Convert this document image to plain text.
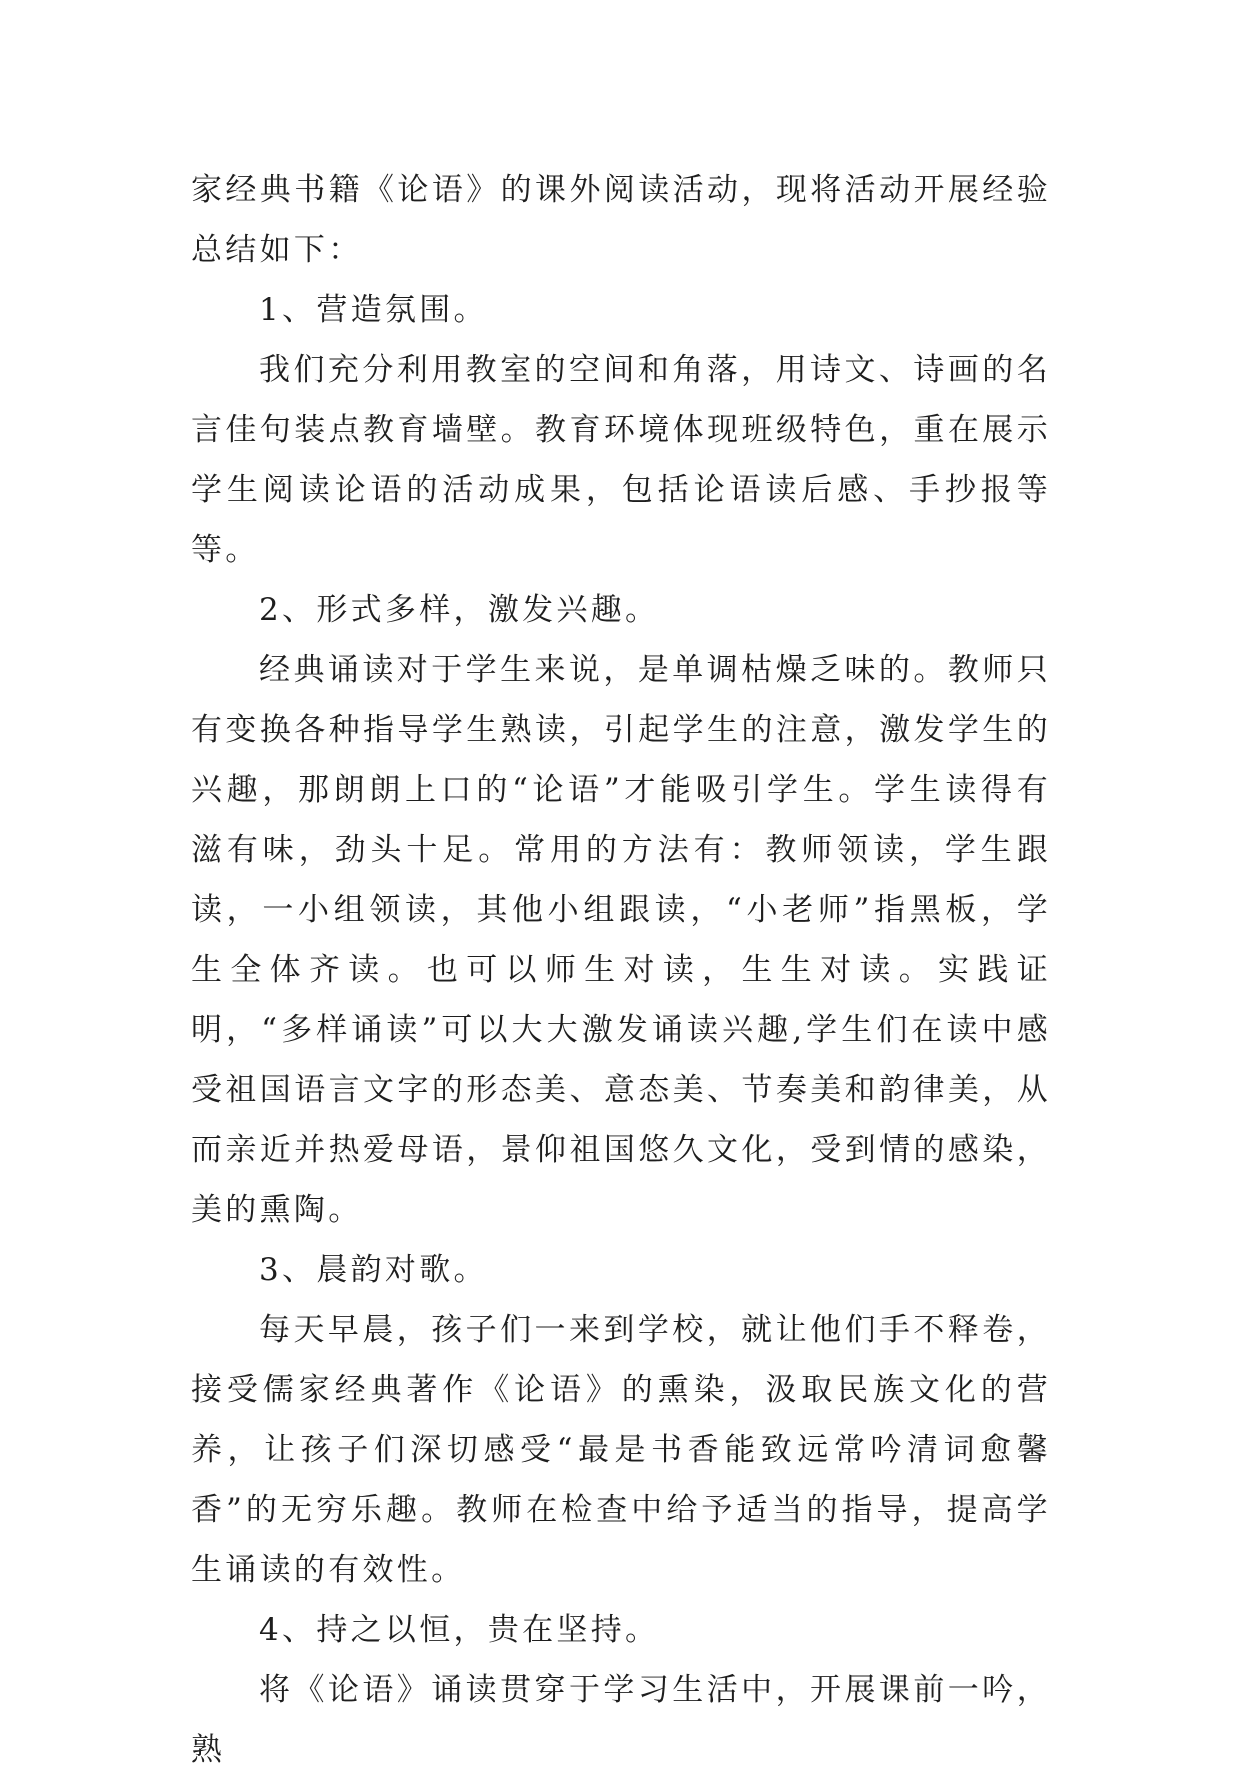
家经典书籍《论语》的课外阅读活动，现将活动开展经验总结如下：

1、营造氛围。

我们充分利用教室的空间和角落，用诗文、诗画的名言佳句装点教育墙壁。教育环境体现班级特色，重在展示学生阅读论语的活动成果，包括论语读后感、手抄报等等。

2、形式多样，激发兴趣。

经典诵读对于学生来说，是单调枯燥乏味的。教师只有变换各种指导学生熟读，引起学生的注意，激发学生的兴趣，那朗朗上口的“论语”才能吸引学生。学生读得有滋有味，劲头十足。常用的方法有：教师领读，学生跟读，一小组领读，其他小组跟读，“小老师”指黑板，学生全体齐读。也可以师生对读，生生对读。实践证明，“多样诵读”可以大大激发诵读兴趣,学生们在读中感受祖国语言文字的形态美、意态美、节奏美和韵律美，从而亲近并热爱母语，景仰祖国悠久文化，受到情的感染，美的熏陶。

3、晨韵对歌。

每天早晨，孩子们一来到学校，就让他们手不释卷，接受儒家经典著作《论语》的熏染，汲取民族文化的营养，让孩子们深切感受“最是书香能致远常吟清词愈馨香”的无穷乐趣。教师在检查中给予适当的指导，提高学生诵读的有效性。

4、持之以恒，贵在坚持。

将《论语》诵读贯穿于学习生活中，开展课前一吟，熟
